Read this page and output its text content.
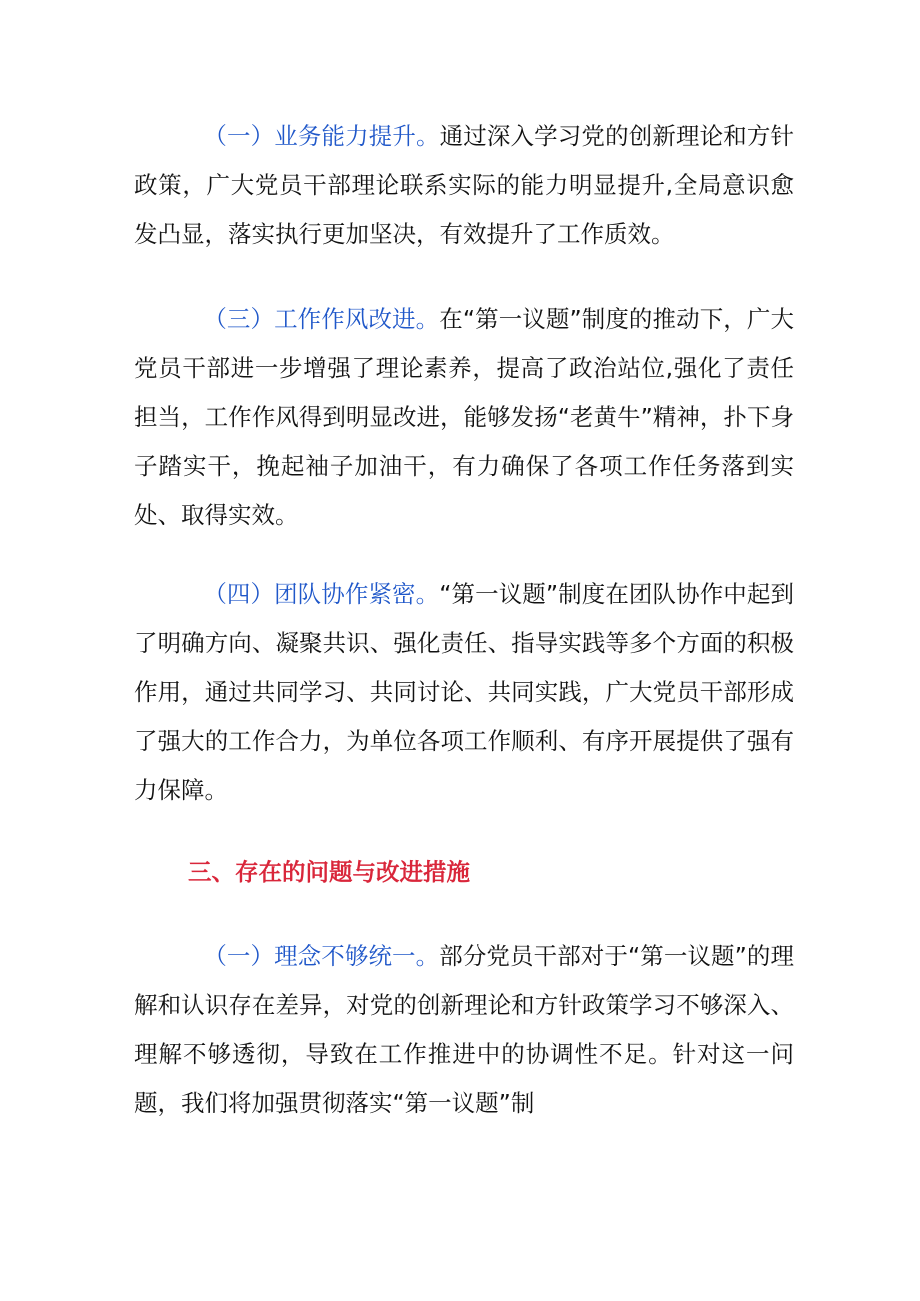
（一）业务能力提升。通过深入学习党的创新理论和方针政策，广大党员干部理论联系实际的能力明显提升,全局意识愈发凸显，落实执行更加坚决，有效提升了工作质效。

（三）工作作风改进。在“第一议题”制度的推动下，广大党员干部进一步增强了理论素养，提高了政治站位,强化了责任担当，工作作风得到明显改进，能够发扬“老黄牛”精神，扑下身子踏实干，挽起袖子加油干，有力确保了各项工作任务落到实处、取得实效。

（四）团队协作紧密。“第一议题”制度在团队协作中起到了明确方向、凝聚共识、强化责任、指导实践等多个方面的积极作用，通过共同学习、共同讨论、共同实践，广大党员干部形成了强大的工作合力，为单位各项工作顺利、有序开展提供了强有力保障。

三、存在的问题与改进措施

（一）理念不够统一。部分党员干部对于“第一议题”的理解和认识存在差异，对党的创新理论和方针政策学习不够深入、理解不够透彻，导致在工作推进中的协调性不足。针对这一问题，我们将加强贯彻落实“第一议题”制
